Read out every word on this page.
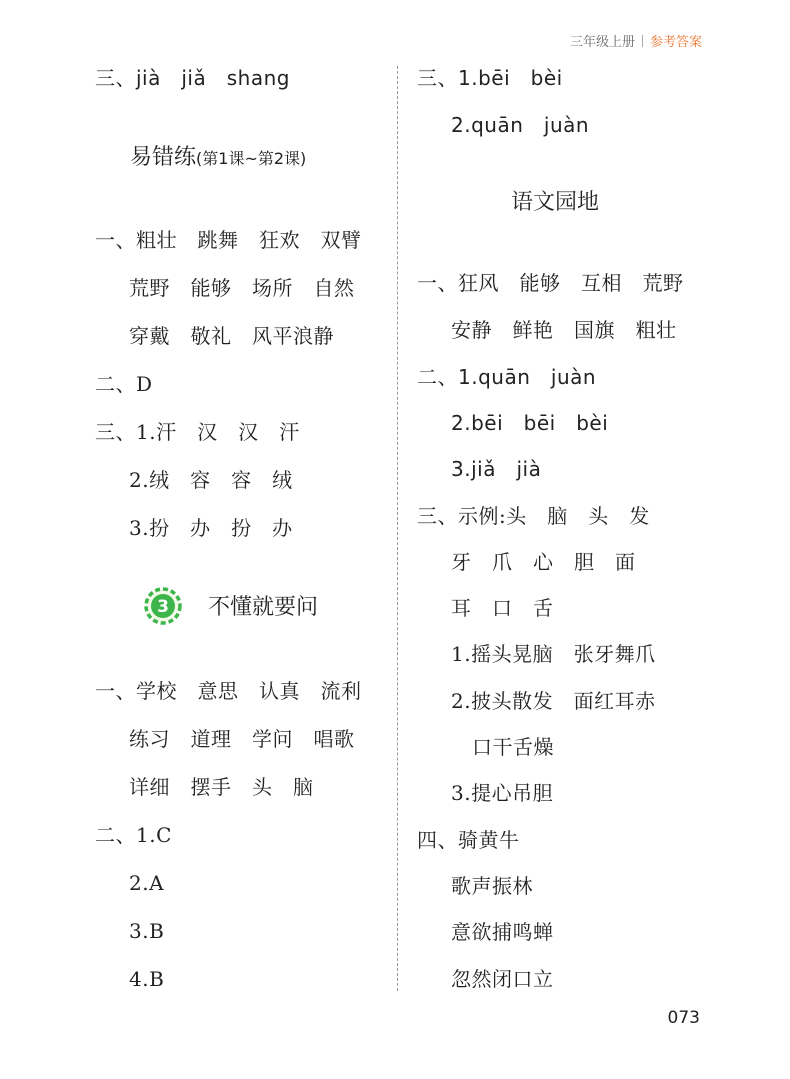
三年级上册 参考答案
三、jià　jiǎ　shang
易错练(第1课~第2课)
一、粗壮　跳舞　狂欢　双臂
荒野　能够　场所　自然
穿戴　敬礼　风平浪静
二、D
三、1.汗　汉　汉　汗
2.绒　容　容　绒
3.扮　办　扮　办
3 不懂就要问
一、学校　意思　认真　流利
练习　道理　学问　唱歌
详细　摆手　头　脑
二、1.C
2.A
3.B
4.B
三、1.bēi　bèi
2.quān　juàn
语文园地
一、狂风　能够　互相　荒野
安静　鲜艳　国旗　粗壮
二、1.quān　juàn
2.bēi　bēi　bèi
3.jiǎ　jià
三、示例:头　脑　头　发
牙　爪　心　胆　面
耳　口　舌
1.摇头晃脑　张牙舞爪
2.披头散发　面红耳赤
口干舌燥
3.提心吊胆
四、骑黄牛
歌声振林
意欲捕鸣蝉
忽然闭口立
073
